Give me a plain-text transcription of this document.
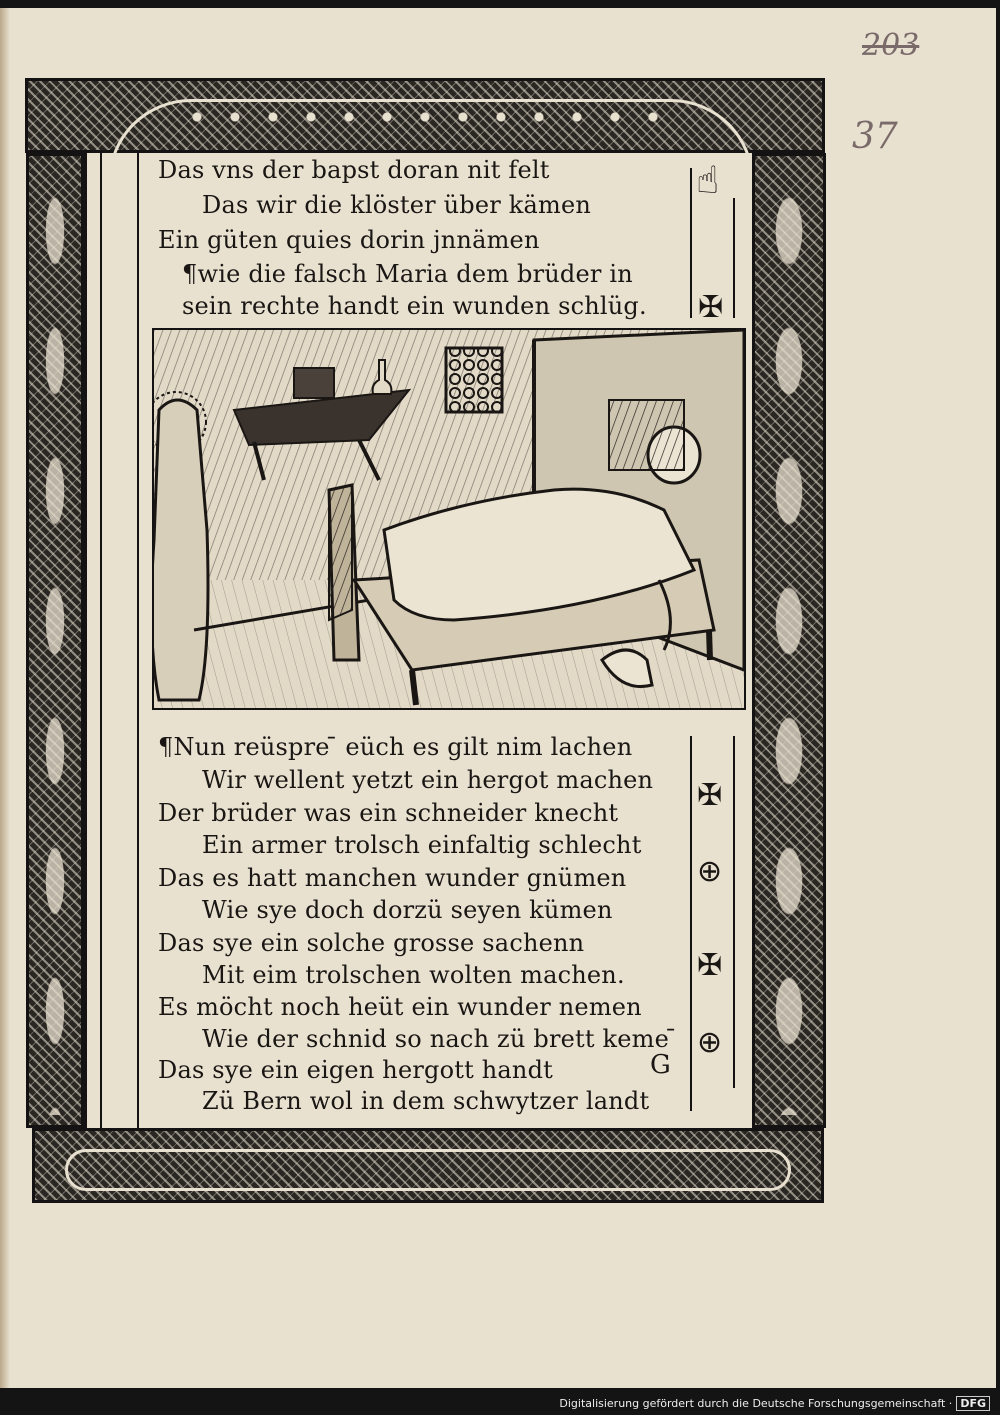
203
37

Das vns der bapst doran nit felt

Das wir die klöster über kämen

Ein güten quies dorin jnnämen

¶wie die falsch Maria dem brüder in

sein rechte handt ein wunden schlüg.

☝
✠

¶Nun reüspre ̄ eüch es gilt nim lachen

Wir wellent yetzt ein hergot machen

Der brüder was ein schneider knecht

Ein armer trolsch einfaltig schlecht

Das es hatt manchen wunder gnümen

Wie sye doch dorzü seyen kümen

Das sye ein solche grosse sachenn

Mit eim trolschen wolten machen.

Es möcht noch heüt ein wunder nemen

Wie der schnid so nach zü brett keme ̄

Das sye ein eigen hergott handt

Zü Bern wol in dem schwytzer landt

✠
⊕
✠
⊕
G
Digitalisierung gefördert durch die Deutsche Forschungsgemeinschaft · DFG
